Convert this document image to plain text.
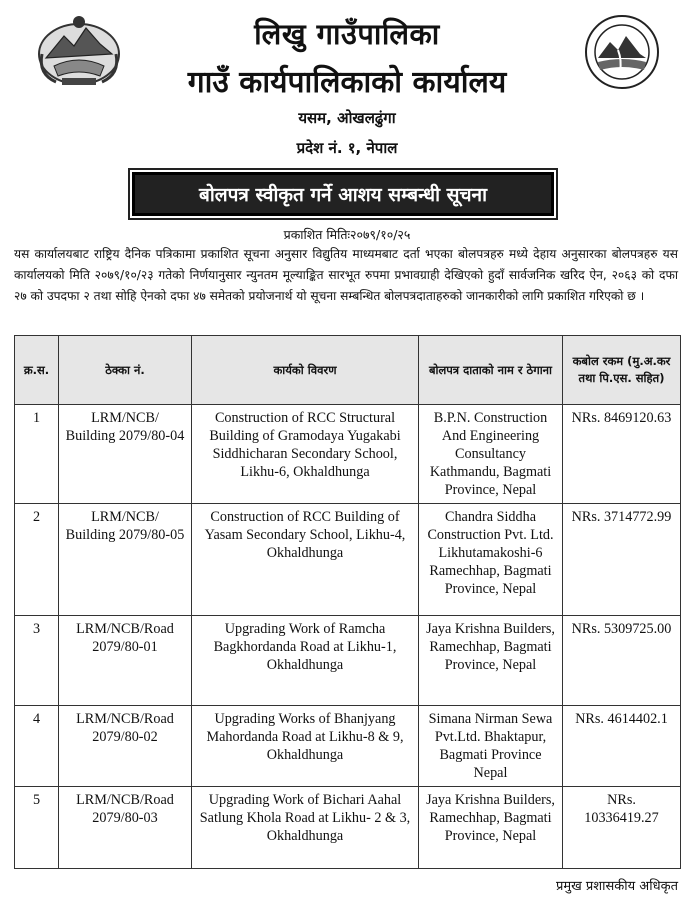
लिखु गाउँपालिका
गाउँ कार्यपालिकाको कार्यालय
यसम, ओखलढुंगा
प्रदेश नं. १, नेपाल
बोलपत्र स्वीकृत गर्ने आशय सम्बन्धी सूचना
प्रकाशित मितिः२०७९/१०/२५
यस कार्यालयबाट राष्ट्रिय दैनिक पत्रिकामा प्रकाशित सूचना अनुसार विद्युतिय माध्यमबाट दर्ता भएका बोलपत्रहरु मध्ये देहाय अनुसारका बोलपत्रहरु यस कार्यालयको मिति २०७९/१०/२३ गतेको निर्णयानुसार न्युनतम मूल्याङ्कित सारभूत रुपमा प्रभावग्राही देखिएको हुदाँ सार्वजनिक खरिद ऐन, २०६३ को दफा २७ को उपदफा २ तथा सोहि ऐनको दफा ४७ समेतको प्रयोजनार्थ यो सूचना सम्बन्धित बोलपत्रदाताहरुको जानकारीको लागि प्रकाशित गरिएको छ ।
क्र.स.	ठेक्का नं.	कार्यको विवरण	बोलपत्र दाताको नाम र ठेगाना	कबोल रकम (मु.अ.कर तथा पि.एस. सहित)
1	LRM/NCB/ Building 2079/80-04	Construction of RCC Structural Building of Gramodaya Yugakabi Siddhicharan Secondary School, Likhu-6, Okhaldhunga	B.P.N. Construction And Engineering Consultancy Kathmandu, Bagmati Province, Nepal	NRs. 8469120.63
2	LRM/NCB/ Building 2079/80-05	Construction of RCC Building of Yasam Secondary School, Likhu-4, Okhaldhunga	Chandra Siddha Construction Pvt. Ltd. Likhutamakoshi-6 Ramechhap, Bagmati Province, Nepal	NRs. 3714772.99
3	LRM/NCB/Road 2079/80-01	Upgrading Work of Ramcha Bagkhordanda Road at Likhu-1, Okhaldhunga	Jaya Krishna Builders, Ramechhap, Bagmati Province, Nepal	NRs. 5309725.00
4	LRM/NCB/Road 2079/80-02	Upgrading Works of Bhanjyang Mahordanda Road at Likhu-8 & 9, Okhaldhunga	Simana Nirman Sewa Pvt.Ltd. Bhaktapur, Bagmati Province Nepal	NRs. 4614402.1
5	LRM/NCB/Road 2079/80-03	Upgrading Work of Bichari Aahal Satlung Khola Road at Likhu- 2 & 3, Okhaldhunga	Jaya Krishna Builders, Ramechhap, Bagmati Province, Nepal	NRs. 10336419.27
प्रमुख प्रशासकीय अधिकृत
